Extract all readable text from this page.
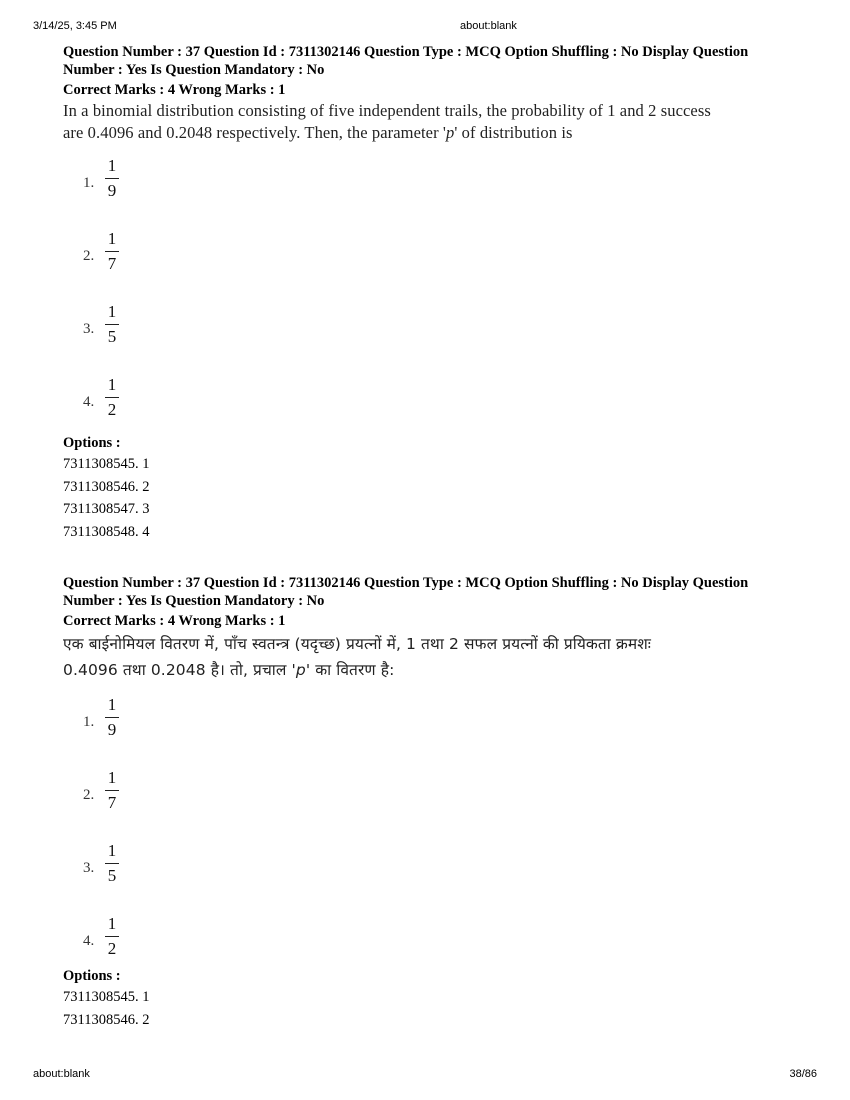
3/14/25, 3:45 PM	about:blank
Question Number : 37 Question Id : 7311302146 Question Type : MCQ Option Shuffling : No Display Question
Number : Yes Is Question Mandatory : No
Correct Marks : 4 Wrong Marks : 1
In a binomial distribution consisting of five independent trails, the probability of 1 and 2 success
are 0.4096 and 0.2048 respectively. Then, the parameter 'p' of distribution is
1.
1
9
2.
1
7
3.
1
5
4.
1
2
Options :
7311308545. 1
7311308546. 2
7311308547. 3
7311308548. 4
Question Number : 37 Question Id : 7311302146 Question Type : MCQ Option Shuffling : No Display Question
Number : Yes Is Question Mandatory : No
Correct Marks : 4 Wrong Marks : 1
एक बाईनोमियल वितरण में, पाँच स्वतन्त्र (यदृच्छ) प्रयत्नों में, 1 तथा 2 सफल प्रयत्नों की प्रयिकता क्रमशः
0.4096 तथा 0.2048 है। तो, प्रचाल 'p' का वितरण है:
1.
1
9
2.
1
7
3.
1
5
4.
1
2
Options :
7311308545. 1
7311308546. 2
about:blank	38/86
